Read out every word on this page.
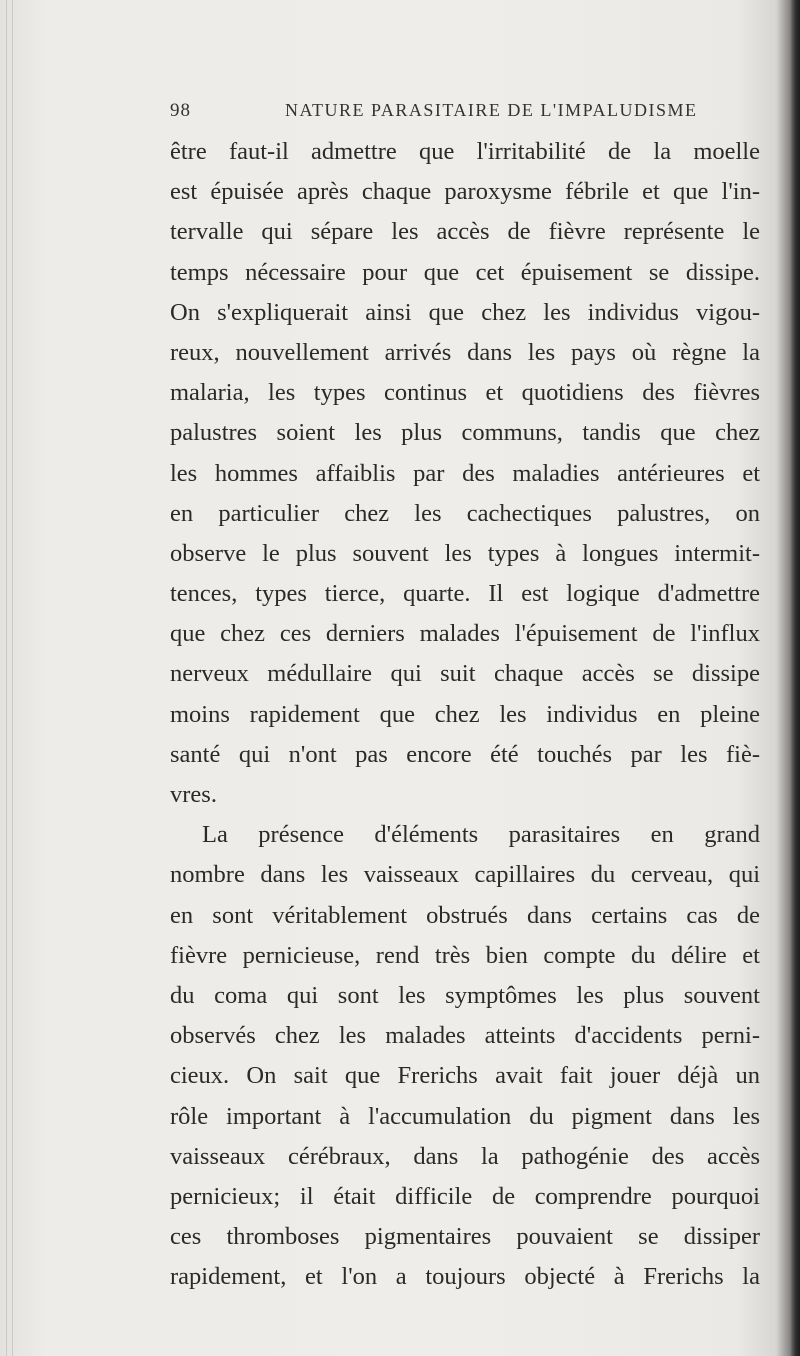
98	NATURE PARASITAIRE DE L'IMPALUDISME
être faut-il admettre que l'irritabilité de la moelle
est épuisée après chaque paroxysme fébrile et que l'in-
tervalle qui sépare les accès de fièvre représente le
temps nécessaire pour que cet épuisement se dissipe.
On s'expliquerait ainsi que chez les individus vigou-
reux, nouvellement arrivés dans les pays où règne la
malaria, les types continus et quotidiens des fièvres
palustres soient les plus communs, tandis que chez
les hommes affaiblis par des maladies antérieures et
en particulier chez les cachectiques palustres, on
observe le plus souvent les types à longues intermit-
tences, types tierce, quarte. Il est logique d'admettre
que chez ces derniers malades l'épuisement de l'influx
nerveux médullaire qui suit chaque accès se dissipe
moins rapidement que chez les individus en pleine
santé qui n'ont pas encore été touchés par les fiè-
vres.
La présence d'éléments parasitaires en grand
nombre dans les vaisseaux capillaires du cerveau, qui
en sont véritablement obstrués dans certains cas de
fièvre pernicieuse, rend très bien compte du délire et
du coma qui sont les symptômes les plus souvent
observés chez les malades atteints d'accidents perni-
cieux. On sait que Frerichs avait fait jouer déjà un
rôle important à l'accumulation du pigment dans les
vaisseaux cérébraux, dans la pathogénie des accès
pernicieux; il était difficile de comprendre pourquoi
ces thromboses pigmentaires pouvaient se dissiper
rapidement, et l'on a toujours objecté à Frerichs la
